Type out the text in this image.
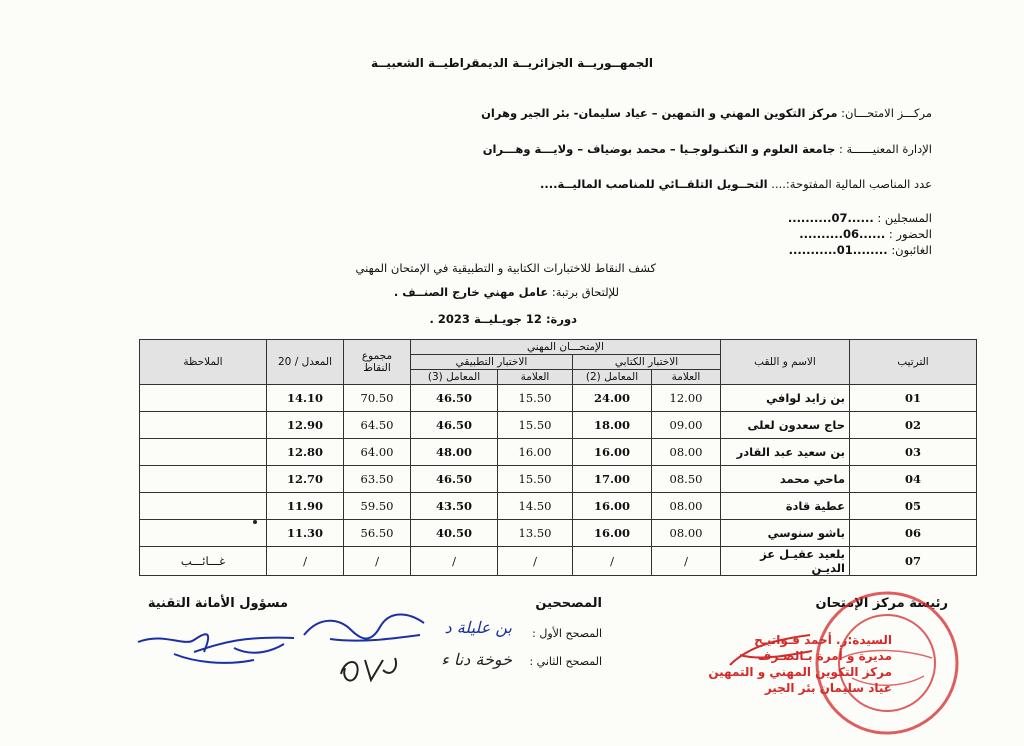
الجمهــوريــة الجزائريــة الديمقراطيــة الشعبيــة
مركـــز الامتحـــان: مركز التكوين المهني و التمهين – عياد سليمان- بئر الجير وهران
الإدارة المعنيــــــة : جامعة العلوم و التكنـولوجـيا – محمد بوضياف – ولايـــة وهـــران
عدد المناصب المالية المفتوحة:.... التحــويل التلقــائي للمناصب الماليــة....
المسجلين : ......07..........
الحضور : ......06..........
الغائبون: ........01...........
كشف النقاط للاختبارات الكتابية و التطبيقية في الإمتحان المهني
للإلتحاق برتبة: عامل مهني خارج الصنــف .
دورة: 12 جويـليــة 2023 .
الترتيب	الاسم و اللقب	الإمتحـــان المهني				مجموع النقاط	المعدل / 20	الملاحظة
		الاختبار الكتابي		الاختبار التطبيقي				
		العلامة	المعامل (2)	العلامة	المعامل (3)			
01	بن زايد لوافي	12.00	24.00	15.50	46.50	70.50	14.10	
02	حاج سعدون لعلى	09.00	18.00	15.50	46.50	64.50	12.90	
03	بن سعيد عبد القادر	08.00	16.00	16.00	48.00	64.00	12.80	
04	ماحي محمد	08.50	17.00	15.50	46.50	63.50	12.70	
05	عطية قادة	08.00	16.00	14.50	43.50	59.50	11.90	
06	باشو سنوسي	08.00	16.00	13.50	40.50	56.50	11.30	
07	بلعيد عقيـل عز الديـن	/	/	/	/	/	/	غـــائـــب
رئيسة مركز الإمتحان
المصححين
مسؤول الأمانة التقنية
المصحح الأول :
المصحح الثاني :
بن عليلة د
خوخة دنا ء
السيدة:ز. أحمد فـواتيـح
مديرة و أمرة بـالصـرف
مركز التكوين المهني و التمهين
عياد سليمان بئر الجير
